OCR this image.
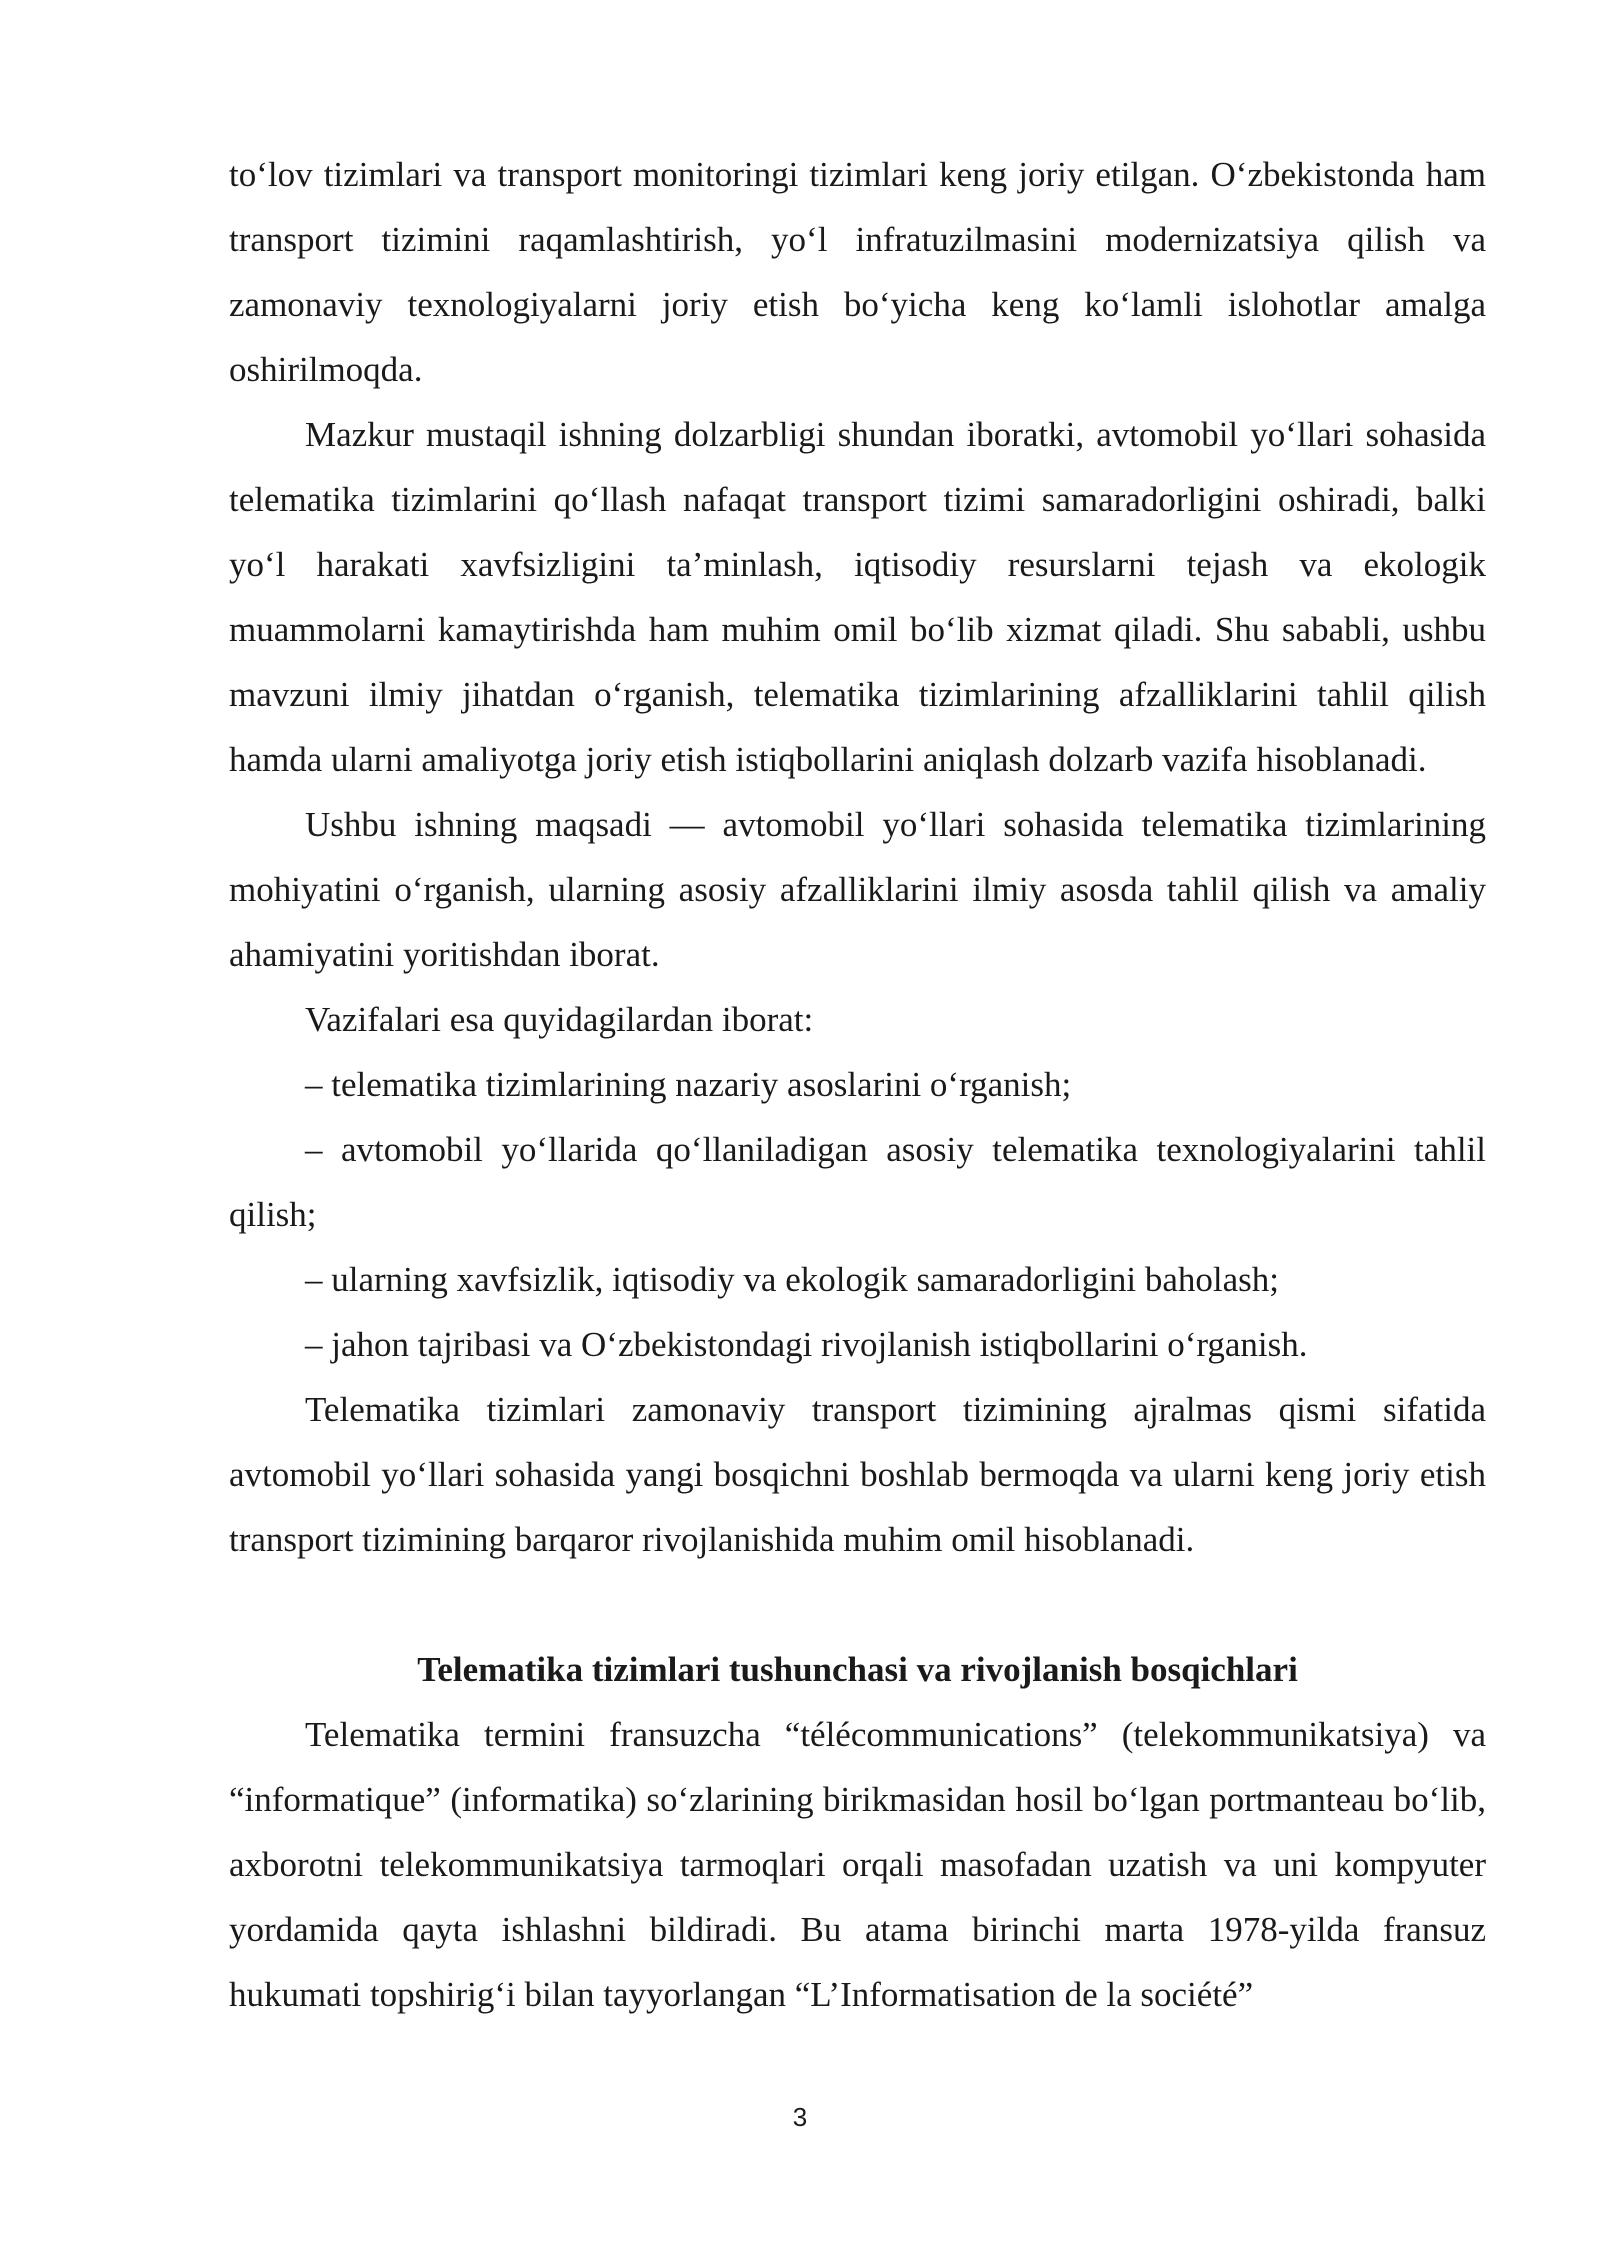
to‘lov tizimlari va transport monitoringi tizimlari keng joriy etilgan. O‘zbekistonda ham transport tizimini raqamlashtirish, yo‘l infratuzilmasini modernizatsiya qilish va zamonaviy texnologiyalarni joriy etish bo‘yicha keng ko‘lamli islohotlar amalga oshirilmoqda.

Mazkur mustaqil ishning dolzarbligi shundan iboratki, avtomobil yo‘llari sohasida telematika tizimlarini qo‘llash nafaqat transport tizimi samaradorligini oshiradi, balki yo‘l harakati xavfsizligini ta’minlash, iqtisodiy resurslarni tejash va ekologik muammolarni kamaytirishda ham muhim omil bo‘lib xizmat qiladi. Shu sababli, ushbu mavzuni ilmiy jihatdan o‘rganish, telematika tizimlarining afzalliklarini tahlil qilish hamda ularni amaliyotga joriy etish istiqbollarini aniqlash dolzarb vazifa hisoblanadi.

Ushbu ishning maqsadi — avtomobil yo‘llari sohasida telematika tizimlarining mohiyatini o‘rganish, ularning asosiy afzalliklarini ilmiy asosda tahlil qilish va amaliy ahamiyatini yoritishdan iborat.

Vazifalari esa quyidagilardan iborat:

– telematika tizimlarining nazariy asoslarini o‘rganish;

– avtomobil yo‘llarida qo‘llaniladigan asosiy telematika texnologiyalarini tahlil qilish;

– ularning xavfsizlik, iqtisodiy va ekologik samaradorligini baholash;

– jahon tajribasi va O‘zbekistondagi rivojlanish istiqbollarini o‘rganish.

Telematika tizimlari zamonaviy transport tizimining ajralmas qismi sifatida avtomobil yo‘llari sohasida yangi bosqichni boshlab bermoqda va ularni keng joriy etish transport tizimining barqaror rivojlanishida muhim omil hisoblanadi.

Telematika tizimlari tushunchasi va rivojlanish bosqichlari

Telematika termini fransuzcha “télécommunications” (telekommunikatsiya) va “informatique” (informatika) so‘zlarining birikmasidan hosil bo‘lgan portmanteau bo‘lib, axborotni telekommunikatsiya tarmoqlari orqali masofadan uzatish va uni kompyuter yordamida qayta ishlashni bildiradi. Bu atama birinchi marta 1978-yilda fransuz hukumati topshirig‘i bilan tayyorlangan “L’Informatisation de la société”

3
